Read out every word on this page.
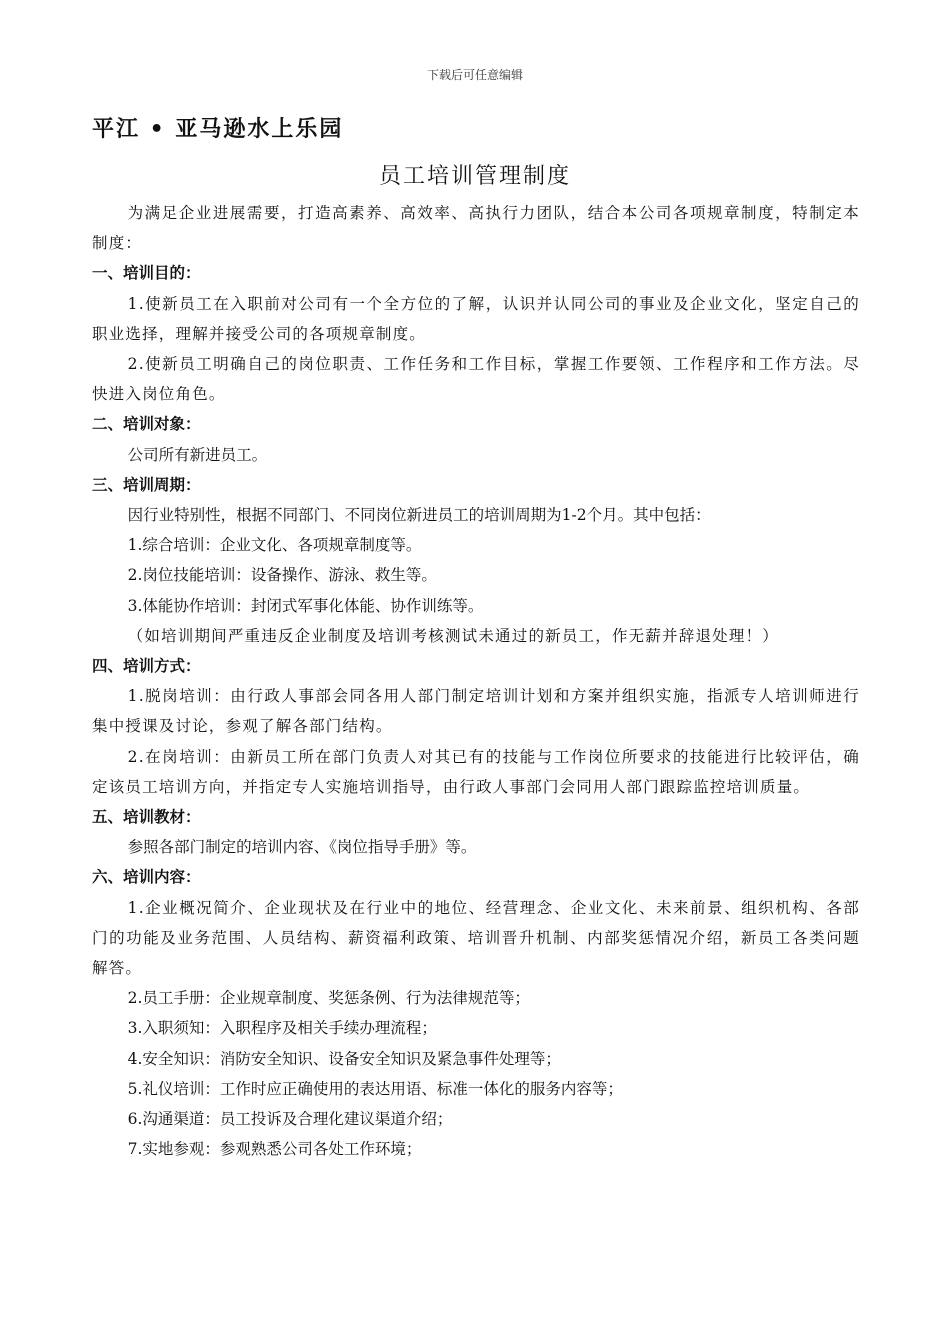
下载后可任意编辑
平江 • 亚马逊水上乐园
员工培训管理制度

为满足企业进展需要，打造高素养、高效率、高执行力团队，结合本公司各项规章制度，特制定本制度：

一、培训目的：

1.使新员工在入职前对公司有一个全方位的了解，认识并认同公司的事业及企业文化，坚定自己的职业选择，理解并接受公司的各项规章制度。

2.使新员工明确自己的岗位职责、工作任务和工作目标，掌握工作要领、工作程序和工作方法。尽快进入岗位角色。

二、培训对象：

公司所有新进员工。

三、培训周期：

因行业特别性，根据不同部门、不同岗位新进员工的培训周期为1-2个月。其中包括：

1.综合培训：企业文化、各项规章制度等。

2.岗位技能培训：设备操作、游泳、救生等。

3.体能协作培训：封闭式军事化体能、协作训练等。

（如培训期间严重违反企业制度及培训考核测试未通过的新员工，作无薪并辞退处理！）

四、培训方式：

1.脱岗培训：由行政人事部会同各用人部门制定培训计划和方案并组织实施，指派专人培训师进行集中授课及讨论，参观了解各部门结构。

2.在岗培训：由新员工所在部门负责人对其已有的技能与工作岗位所要求的技能进行比较评估，确定该员工培训方向，并指定专人实施培训指导，由行政人事部门会同用人部门跟踪监控培训质量。

五、培训教材：

参照各部门制定的培训内容、《岗位指导手册》等。

六、培训内容：

1.企业概况简介、企业现状及在行业中的地位、经营理念、企业文化、未来前景、组织机构、各部门的功能及业务范围、人员结构、薪资福利政策、培训晋升机制、内部奖惩情况介绍，新员工各类问题解答。

2.员工手册：企业规章制度、奖惩条例、行为法律规范等；

3.入职须知：入职程序及相关手续办理流程；

4.安全知识：消防安全知识、设备安全知识及紧急事件处理等；

5.礼仪培训：工作时应正确使用的表达用语、标准一体化的服务内容等；

6.沟通渠道：员工投诉及合理化建议渠道介绍；

7.实地参观：参观熟悉公司各处工作环境；
